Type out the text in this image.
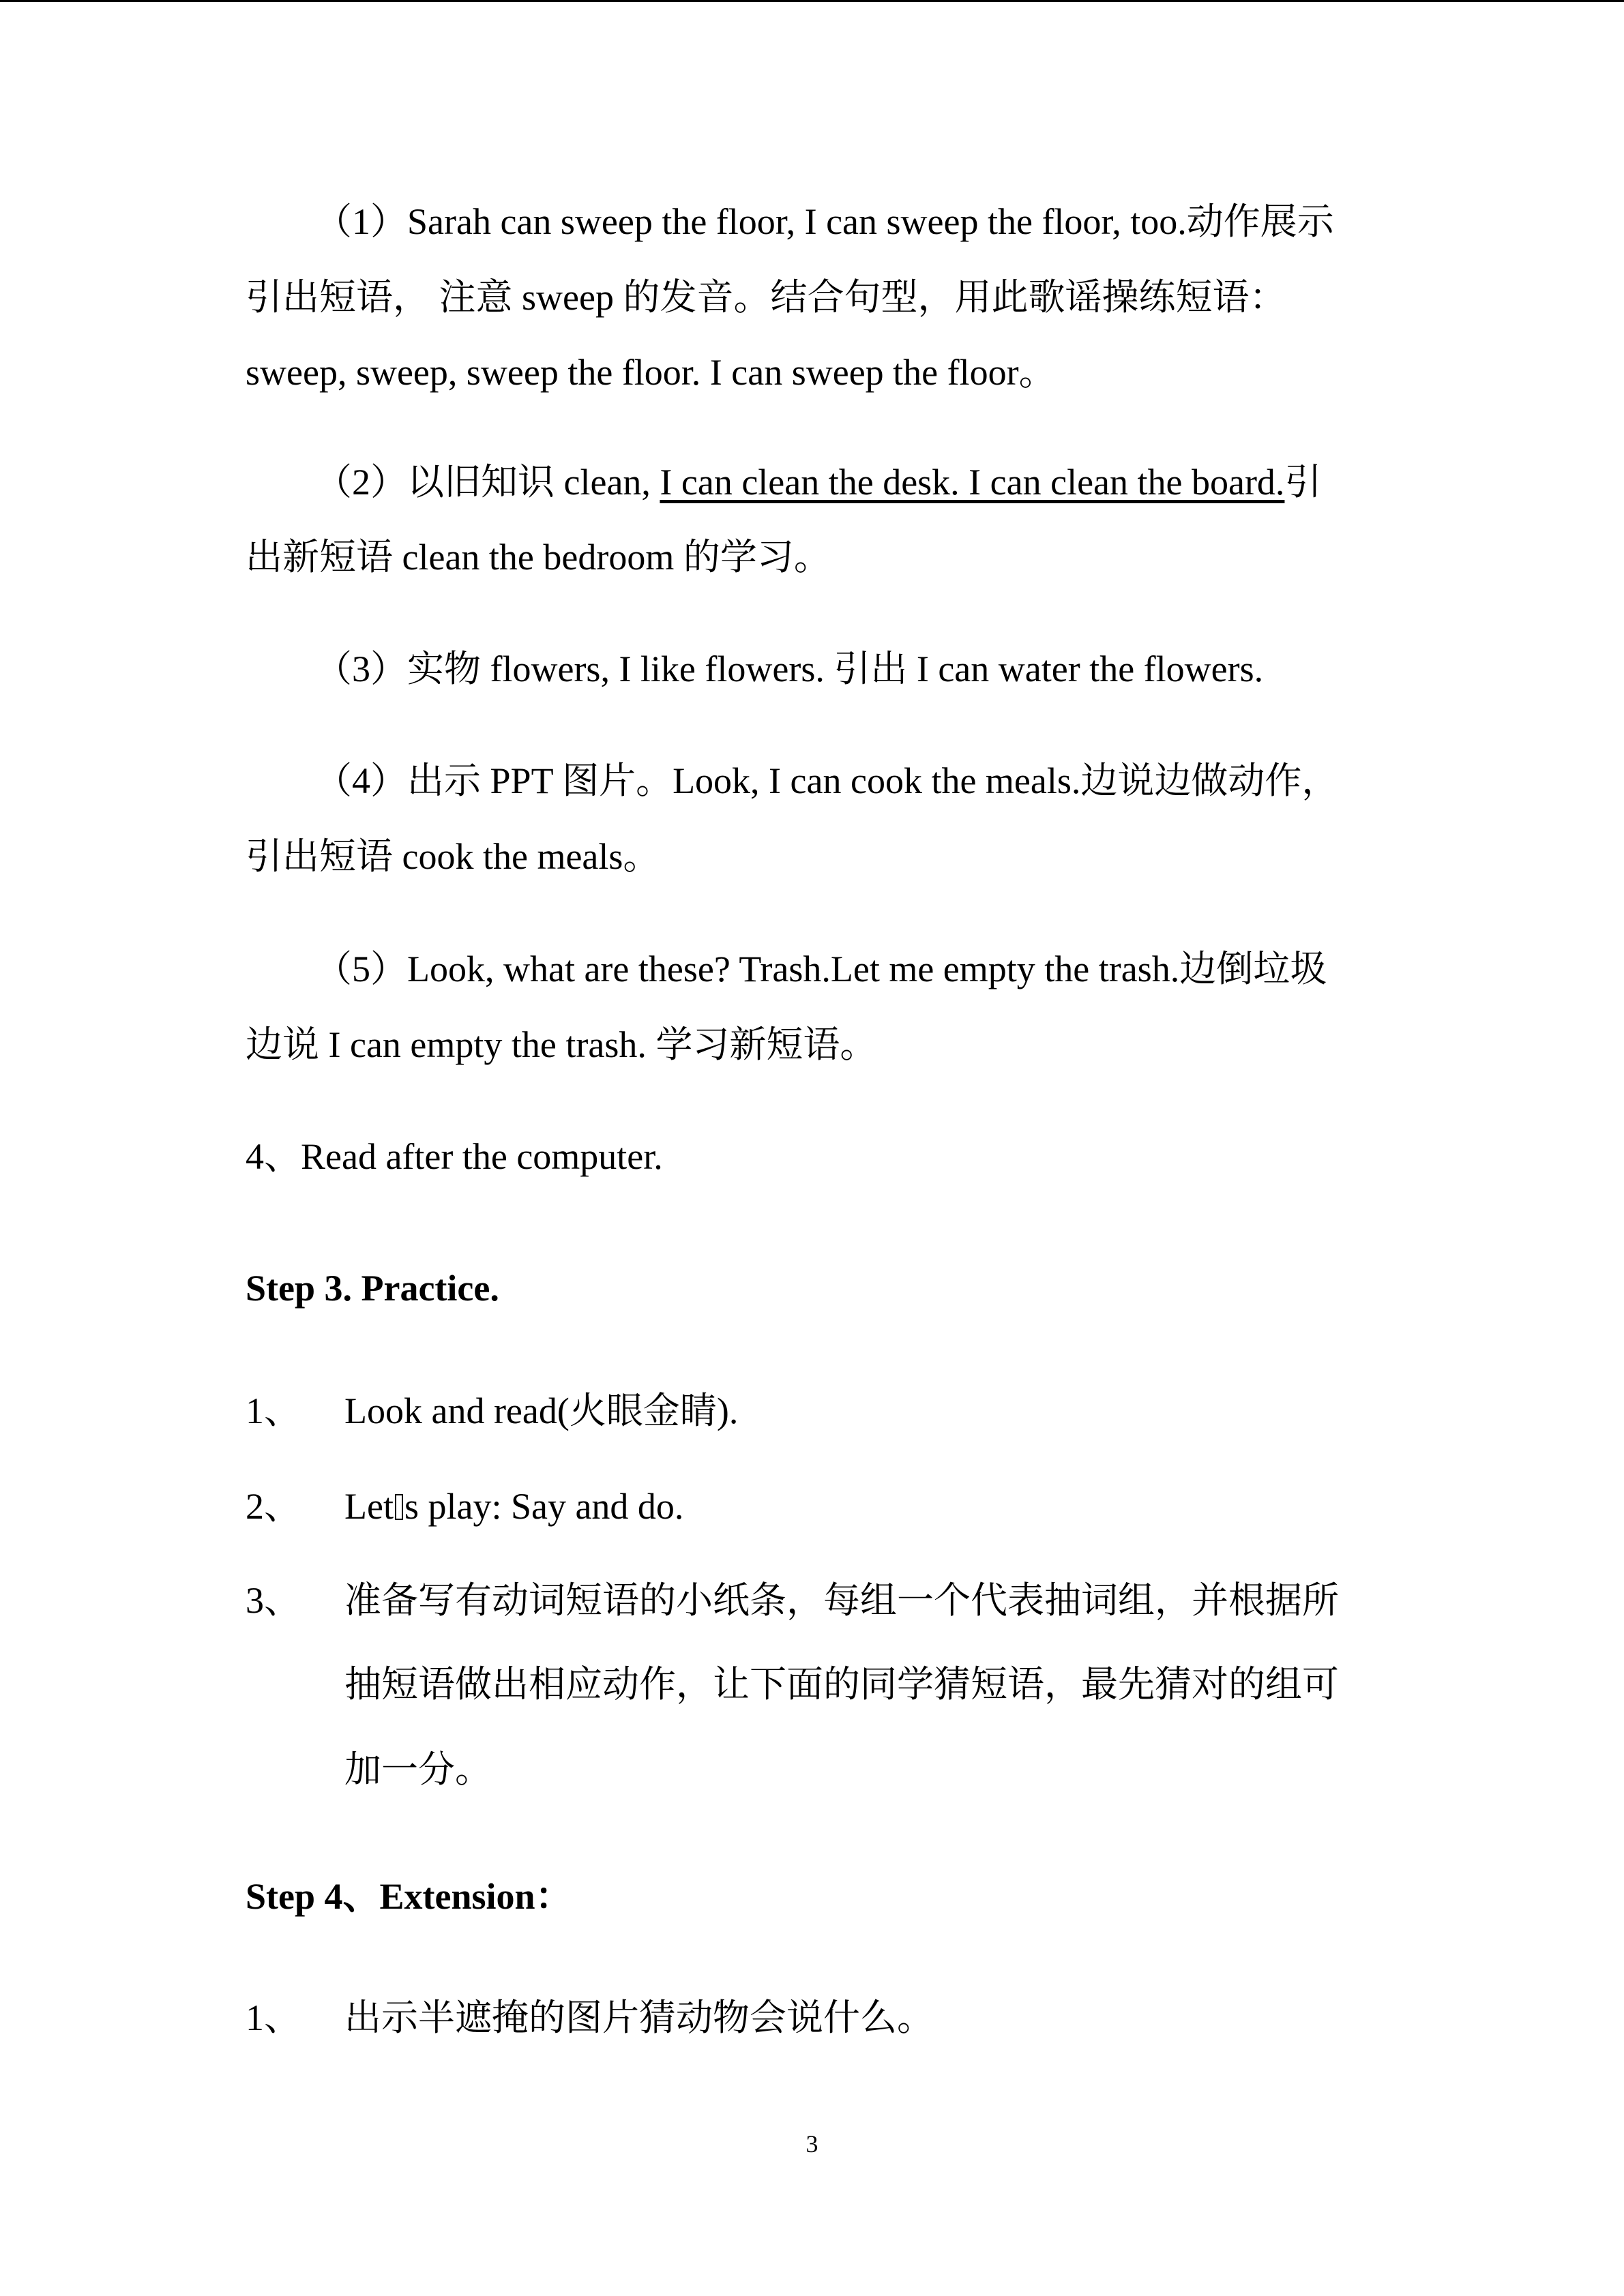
（1）Sarah can sweep the floor, I can sweep the floor, too.动作展示
引出短语， 注意 sweep 的发音。结合句型，用此歌谣操练短语：
sweep, sweep, sweep the floor. I can sweep the floor。
（2）以旧知识 clean, I can clean the desk. I can clean the board.引
出新短语 clean the bedroom 的学习。
（3）实物 flowers, I like flowers. 引出 I can water the flowers.
（4）出示 PPT 图片。Look, I can cook the meals.边说边做动作，
引出短语 cook the meals。
（5）Look, what are these? Trash.Let me empty the trash.边倒垃圾
边说 I can empty the trash. 学习新短语。
4、Read after the computer.
Step 3. Practice.
1、 Look and read(火眼金睛).
2、 Let s play: Say and do.
3、 准备写有动词短语的小纸条，每组一个代表抽词组，并根据所
抽短语做出相应动作，让下面的同学猜短语，最先猜对的组可
加一分。
Step 4、Extension：
1、 出示半遮掩的图片猜动物会说什么。
3
